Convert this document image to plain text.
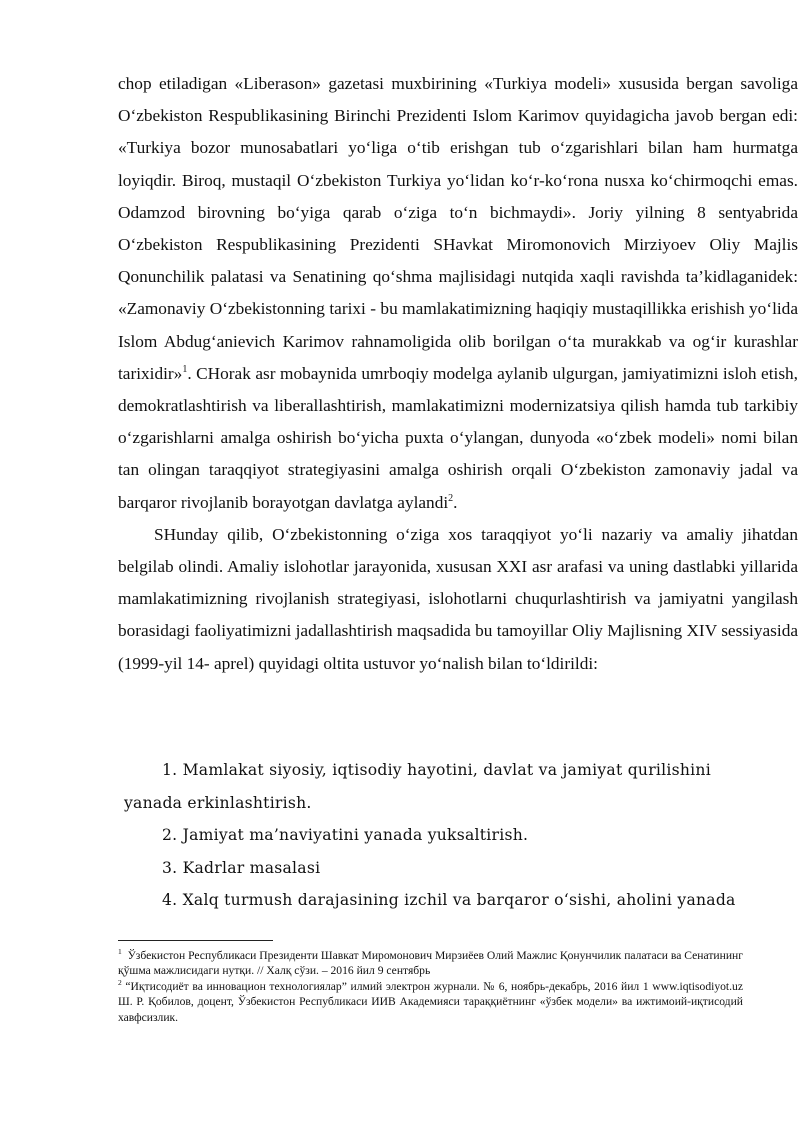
chop etiladigan «Liberason» gazetasi muxbirining «Turkiya modeli» xususida bergan savoliga O‘zbekiston Respublikasining Birinchi Prezidenti Islom Karimov quyidagicha javob bergan edi: «Turkiya bozor munosabatlari yo‘liga o‘tib erishgan tub o‘zgarishlari bilan ham hurmatga loyiqdir. Biroq, mustaqil O‘zbekiston Turkiya yo‘lidan ko‘r-ko‘rona nusxa ko‘chirmoqchi emas. Odamzod birovning bo‘yiga qarab o‘ziga to‘n bichmaydi». Joriy yilning 8 sentyabrida O‘zbekiston Respublikasining Prezidenti SHavkat Miromonovich Mirziyoev Oliy Majlis Qonunchilik palatasi va Senatining qo‘shma majlisidagi nutqida xaqli ravishda ta’kidlaganidek: «Zamonaviy O‘zbekistonning tarixi - bu mamlakatimizning haqiqiy mustaqillikka erishish yo‘lida Islom Abdug‘anievich Karimov rahnamoligida olib borilgan o‘ta murakkab va og‘ir kurashlar tarixidir»$^1$. CHorak asr mobaynida umrboqiy modelga aylanib ulgurgan, jamiyatimizni isloh etish, demokratlashtirish va liberallashtirish, mamlakatimizni modernizatsiya qilish hamda tub tarkibiy o‘zgarishlarni amalga oshirish bo‘yicha puxta o‘ylangan, dunyoda «o‘zbek modeli» nomi bilan tan olingan taraqqiyot strategiyasini amalga oshirish orqali O‘zbekiston zamonaviy jadal va barqaror rivojlanib borayotgan davlatga aylandi$^2$.

SHunday qilib, O‘zbekistonning o‘ziga xos taraqqiyot yo‘li nazariy va amaliy jihatdan belgilab olindi. Amaliy islohotlar jarayonida, xususan XXI asr arafasi va uning dastlabki yillarida mamlakatimizning rivojlanish strategiyasi, islohotlarni chuqurlashtirish va jamiyatni yangilash borasidagi faoliyatimizni jadallashtirish maqsadida bu tamoyillar Oliy Majlisning XIV sessiyasida (1999-yil 14- aprel) quyidagi oltita ustuvor yo‘nalish bilan to‘ldirildi:

1. Mamlakat siyosiy, iqtisodiy hayotini, davlat va jamiyat qurilishini
yanada erkinlashtirish.
2. Jamiyat ma’naviyatini yanada yuksaltirish.
3. Kadrlar masalasi
4. Xalq turmush darajasining izchil va barqaror o‘sishi, aholini yanada

$^1$ Ўзбекистон Республикаси Президенти Шавкат Миромонович Мирзиёев Олий Мажлис Қонунчилик палатаси ва Сенатининг қўшма мажлисидаги нутқи. // Халқ сўзи. – 2016 йил 9 сентябрь

$^2$ “Иқтисодиёт ва инновацион технологиялар” илмий электрон журнали. № 6, ноябрь-декабрь, 2016 йил 1 www.iqtisodiyot.uz Ш. Р. Қобилов, доцент, Ўзбекистон Республикаси ИИВ Академияси тараққиётнинг «ўзбек модели» ва ижтимоий-иқтисодий хавфсизлик.
